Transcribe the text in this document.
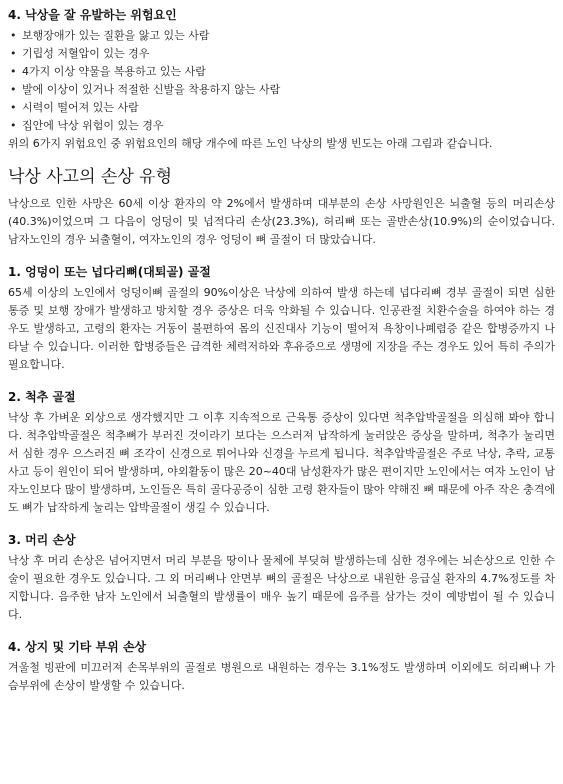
4. 낙상을 잘 유발하는 위험요인
• 보행장애가 있는 질환을 앓고 있는 사람
• 기립성 저혈압이 있는 경우
• 4가지 이상 약물을 복용하고 있는 사람
• 발에 이상이 있거나 적절한 신발을 착용하지 않는 사람
• 시력이 떨어져 있는 사람
• 집안에 낙상 위험이 있는 경우

위의 6가지 위험요인 중 위험요인의 해당 개수에 따른 노인 낙상의 발생 빈도는 아래 그림과 같습니다.

낙상 사고의 손상 유형

낙상으로 인한 사망은 60세 이상 환자의 약 2%에서 발생하며 대부분의 손상 사망원인은 뇌출혈 등의 머리손상(40.3%)이었으며 그 다음이 엉덩이 및 넙적다리 손상(23.3%), 허리뼈 또는 골반손상(10.9%)의 순이었습니다. 남자노인의 경우 뇌출혈이, 여자노인의 경우 엉덩이 뼈 골절이 더 많았습니다.

1. 엉덩이 또는 넙다리뼈(대퇴골) 골절

65세 이상의 노인에서 엉덩이뼈 골절의 90%이상은 낙상에 의하여 발생 하는데 넙다리뼈 경부 골절이 되면 심한 통증 및 보행 장애가 발생하고 방치할 경우 증상은 더욱 악화될 수 있습니다. 인공관절 치환수술을 하여야 하는 경우도 발생하고, 고령의 환자는 거동이 불편하여 몸의 신진대사 기능이 떨어져 욕창이나폐렴증 같은 합병증까지 나타날 수 있습니다. 이러한 합병증들은 급격한 체력저하와 후유증으로 생명에 지장을 주는 경우도 있어 특히 주의가 필요합니다.

2. 척추 골절

낙상 후 가벼운 외상으로 생각했지만 그 이후 지속적으로 근육통 증상이 있다면 척추압박골절을 의심해 봐야 합니다. 척추압박골절은 척추뼈가 부러진 것이라기 보다는 으스러져 납작하게 눌러앉은 증상을 말하며, 척추가 눌리면서 심한 경우 으스러진 뼈 조각이 신경으로 튀어나와 신경을 누르게 됩니다. 척추압박골절은 주로 낙상, 추락, 교통사고 등이 원인이 되어 발생하며, 야외활동이 많은 20~40대 남성환자가 많은 편이지만 노인에서는 여자 노인이 남자노인보다 많이 발생하며, 노인들은 특히 골다공증이 심한 고령 환자들이 많아 약해진 뼈 때문에 아주 작은 충격에도 뼈가 납작하게 눌리는 압박골절이 생길 수 있습니다.

3. 머리 손상

낙상 후 머리 손상은 넘어지면서 머리 부분을 땅이나 물체에 부딪혀 발생하는데 심한 경우에는 뇌손상으로 인한 수술이 필요한 경우도 있습니다. 그 외 머리뼈나 안면부 뼈의 골절은 낙상으로 내원한 응급실 환자의 4.7%정도를 차지합니다. 음주한 남자 노인에서 뇌출혈의 발생률이 매우 높기 때문에 음주를 삼가는 것이 예방법이 될 수 있습니다.

4. 상지 및 기타 부위 손상

겨울철 빙판에 미끄러져 손목부위의 골절로 병원으로 내원하는 경우는 3.1%정도 발생하며 이외에도 허리뼈나 가슴부위에 손상이 발생할 수 있습니다.
